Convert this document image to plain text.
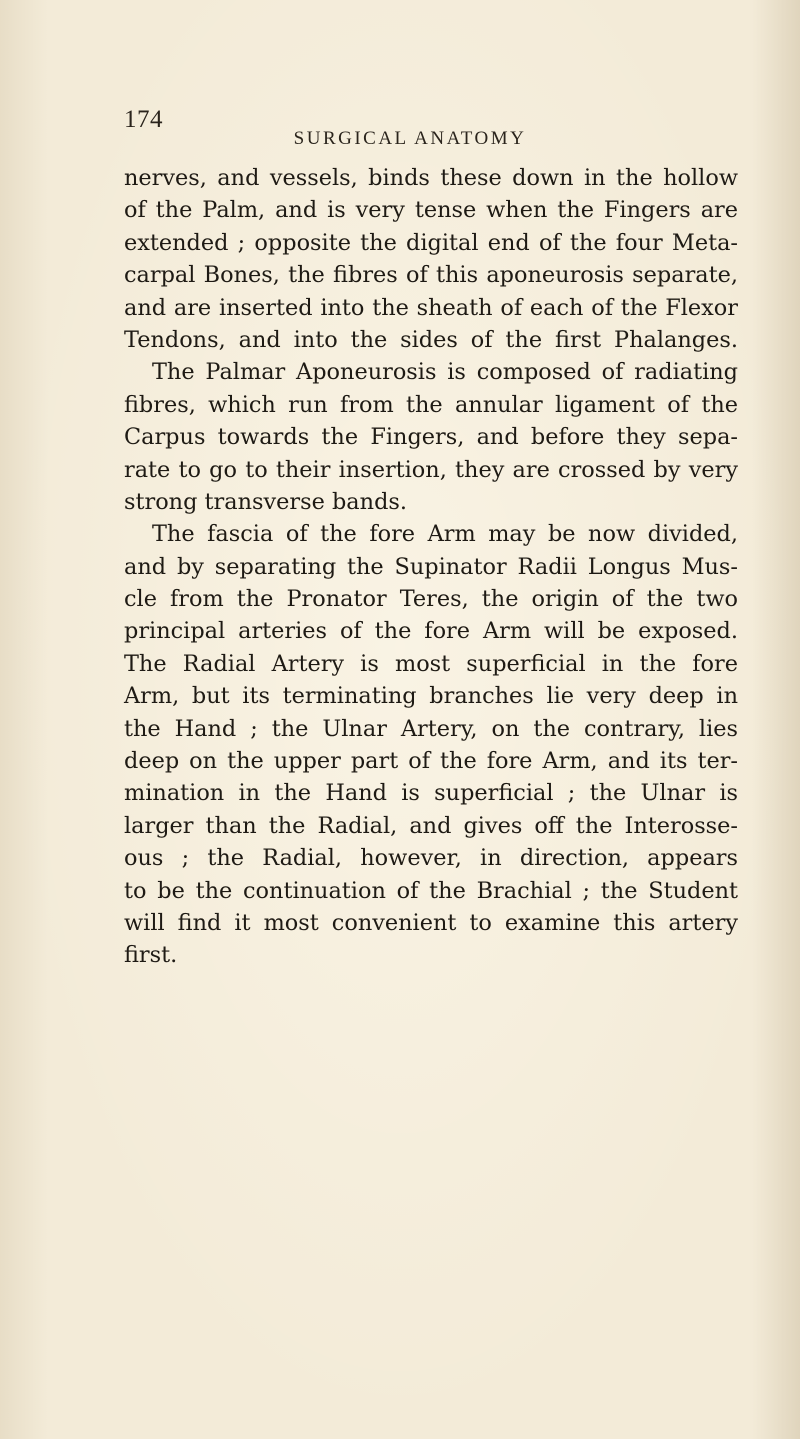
174
SURGICAL ANATOMY
nerves, and vessels, binds these down in the hollow
of the Palm, and is very tense when the Fingers are
extended ; opposite the digital end of the four Meta-
carpal Bones, the fibres of this aponeurosis separate,
and are inserted into the sheath of each of the Flexor
Tendons, and into the sides of the first Phalanges.
The Palmar Aponeurosis is composed of radiating
fibres, which run from the annular ligament of the
Carpus towards the Fingers, and before they sepa-
rate to go to their insertion, they are crossed by very
strong transverse bands.
The fascia of the fore Arm may be now divided,
and by separating the Supinator Radii Longus Mus-
cle from the Pronator Teres, the origin of the two
principal arteries of the fore Arm will be exposed.
The Radial Artery is most superficial in the fore
Arm, but its terminating branches lie very deep in
the Hand ; the Ulnar Artery, on the contrary, lies
deep on the upper part of the fore Arm, and its ter-
mination in the Hand is superficial ; the Ulnar is
larger than the Radial, and gives off the Interosse-
ous ; the Radial, however, in direction, appears
to be the continuation of the Brachial ; the Student
will find it most convenient to examine this artery
first.
